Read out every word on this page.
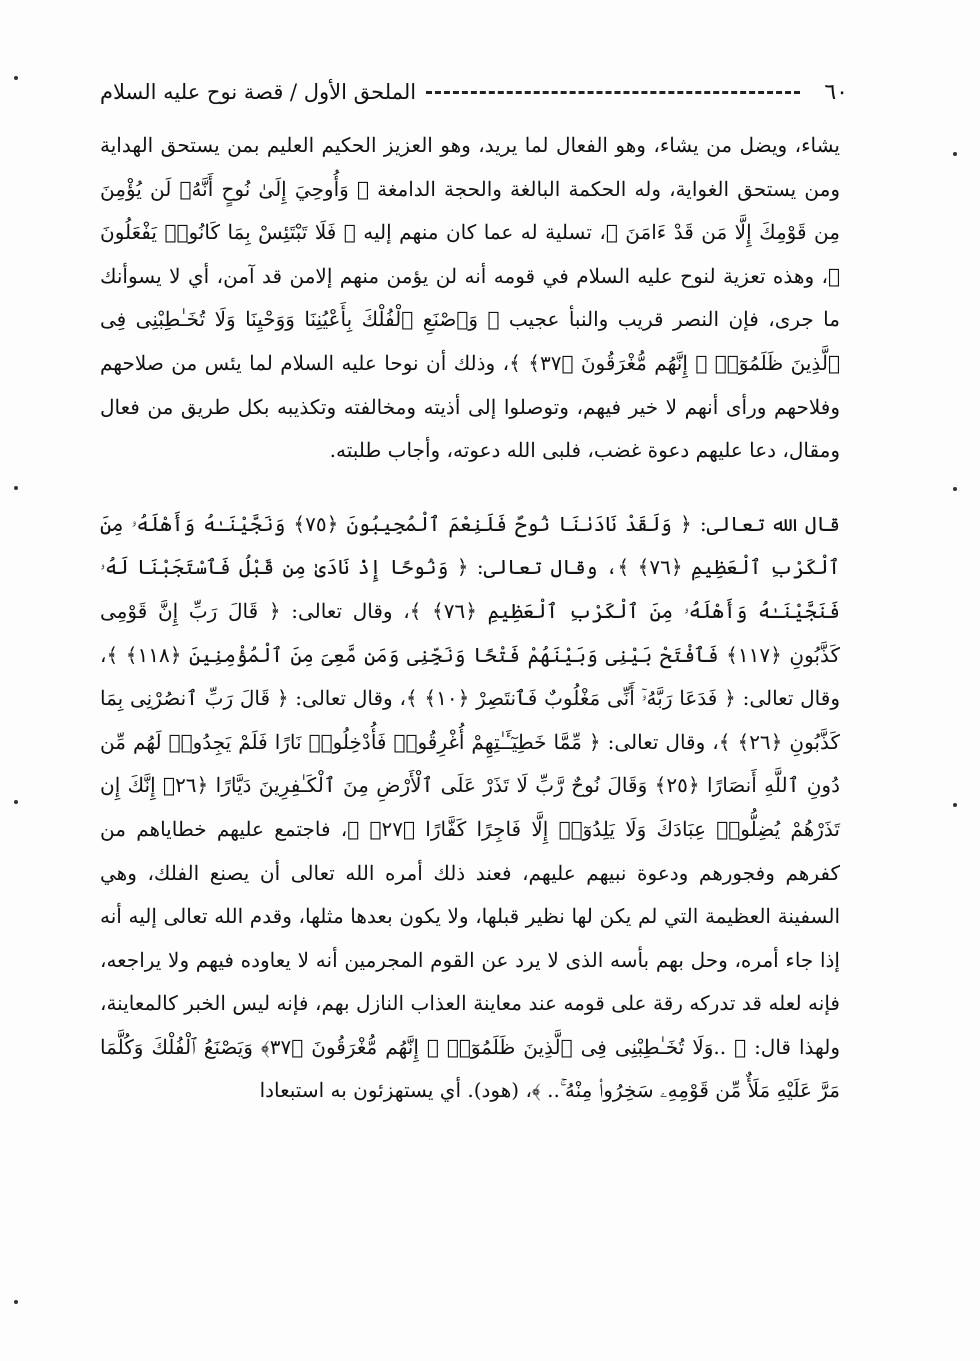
٦٠
الملحق الأول / قصة نوح عليه السلام

يشاء، ويضل من يشاء، وهو الفعال لما يريد، وهو العزيز الحكيم العليم بمن يستحق الهداية ومن يستحق الغواية، وله الحكمة البالغة والحجة الدامغة ﴿ وَأُوحِيَ إِلَىٰ نُوحٍ أَنَّهُۥ لَن يُؤْمِنَ مِن قَوْمِكَ إِلَّا مَن قَدْ ءَامَنَ ﴾، تسلية له عما كان منهم إليه ﴿ فَلَا تَبْتَئِسْ بِمَا كَانُوا۟ يَفْعَلُونَ ﴾، وهذه تعزية لنوح عليه السلام في قومه أنه لن يؤمن منهم إلامن قد آمن، أي لا يسوأنك ما جرى، فإن النصر قريب والنبأ عجيب ﴿ وَٱصْنَعِ ٱلْفُلْكَ بِأَعْيُنِنَا وَوَحْيِنَا وَلَا تُخَـٰطِبْنِى فِى ٱلَّذِينَ ظَلَمُوٓا۟ ۚ إِنَّهُم مُّغْرَقُونَ ﴿٣٧﴾ ﴾، وذلك أن نوحا عليه السلام لما يئس من صلاحهم وفلاحهم ورأى أنهم لا خير فيهم، وتوصلوا إلى أذيته ومخالفته وتكذيبه بكل طريق من فعال ومقال، دعا عليهم دعوة غضب، فلبى الله دعوته، وأجاب طلبته.

قال الله تعالى: ﴿ وَلَقَدْ نَادَىٰنَا نُوحٌ فَلَنِعْمَ ٱلْمُجِيبُونَ ﴿٧٥﴾ وَنَجَّيْنَـٰهُ وَأَهْلَهُۥ مِنَ ٱلْكَرْبِ ٱلْعَظِيمِ ﴿٧٦﴾ ﴾، وقال تعالى: ﴿ وَنُوحًا إِذْ نَادَىٰ مِن قَبْلُ فَٱسْتَجَبْنَا لَهُۥ فَنَجَّيْنَـٰهُ وَأَهْلَهُۥ مِنَ ٱلْكَرْبِ ٱلْعَظِيمِ ﴿٧٦﴾ ﴾، وقال تعالى: ﴿ قَالَ رَبِّ إِنَّ قَوْمِى كَذَّبُونِ ﴿١١٧﴾ فَٱفْتَحْ بَيْنِى وَبَيْنَهُمْ فَتْحًا وَنَجِّنِى وَمَن مَّعِىَ مِنَ ٱلْمُؤْمِنِينَ ﴿١١٨﴾ ﴾، وقال تعالى: ﴿ فَدَعَا رَبَّهُۥٓ أَنِّى مَغْلُوبٌ فَٱنتَصِرْ ﴿١٠﴾ ﴾، وقال تعالى: ﴿ قَالَ رَبِّ ٱنصُرْنِى بِمَا كَذَّبُونِ ﴿٢٦﴾ ﴾، وقال تعالى: ﴿ مِّمَّا خَطِيٓـَٔـٰتِهِمْ أُغْرِقُوا۟ فَأُدْخِلُوا۟ نَارًا فَلَمْ يَجِدُوا۟ لَهُم مِّن دُونِ ٱللَّهِ أَنصَارًا ﴿٢٥﴾ وَقَالَ نُوحٌ رَّبِّ لَا تَذَرْ عَلَى ٱلْأَرْضِ مِنَ ٱلْكَـٰفِرِينَ دَيَّارًا ﴿٢٦﴾ إِنَّكَ إِن تَذَرْهُمْ يُضِلُّوا۟ عِبَادَكَ وَلَا يَلِدُوٓا۟ إِلَّا فَاجِرًا كَفَّارًا ﴿٢٧﴾ ﴾، فاجتمع عليهم خطاياهم من كفرهم وفجورهم ودعوة نبيهم عليهم، فعند ذلك أمره الله تعالى أن يصنع الفلك، وهي السفينة العظيمة التي لم يكن لها نظير قبلها، ولا يكون بعدها مثلها، وقدم الله تعالى إليه أنه إذا جاء أمره، وحل بهم بأسه الذى لا يرد عن القوم المجرمين أنه لا يعاوده فيهم ولا يراجعه، فإنه لعله قد تدركه رقة على قومه عند معاينة العذاب النازل بهم، فإنه ليس الخبر كالمعاينة، ولهذا قال: ﴿ ..وَلَا تُخَـٰطِبْنِى فِى ٱلَّذِينَ ظَلَمُوٓا۟ ۚ إِنَّهُم مُّغْرَقُونَ ﴿٣٧﴾ وَيَصْنَعُ ٱلْفُلْكَ وَكُلَّمَا مَرَّ عَلَيْهِ مَلَأٌ مِّن قَوْمِهِۦ سَخِرُوا۟ مِنْهُ ۚ.. ﴾، (هود). أي يستهزئون به استبعادا
